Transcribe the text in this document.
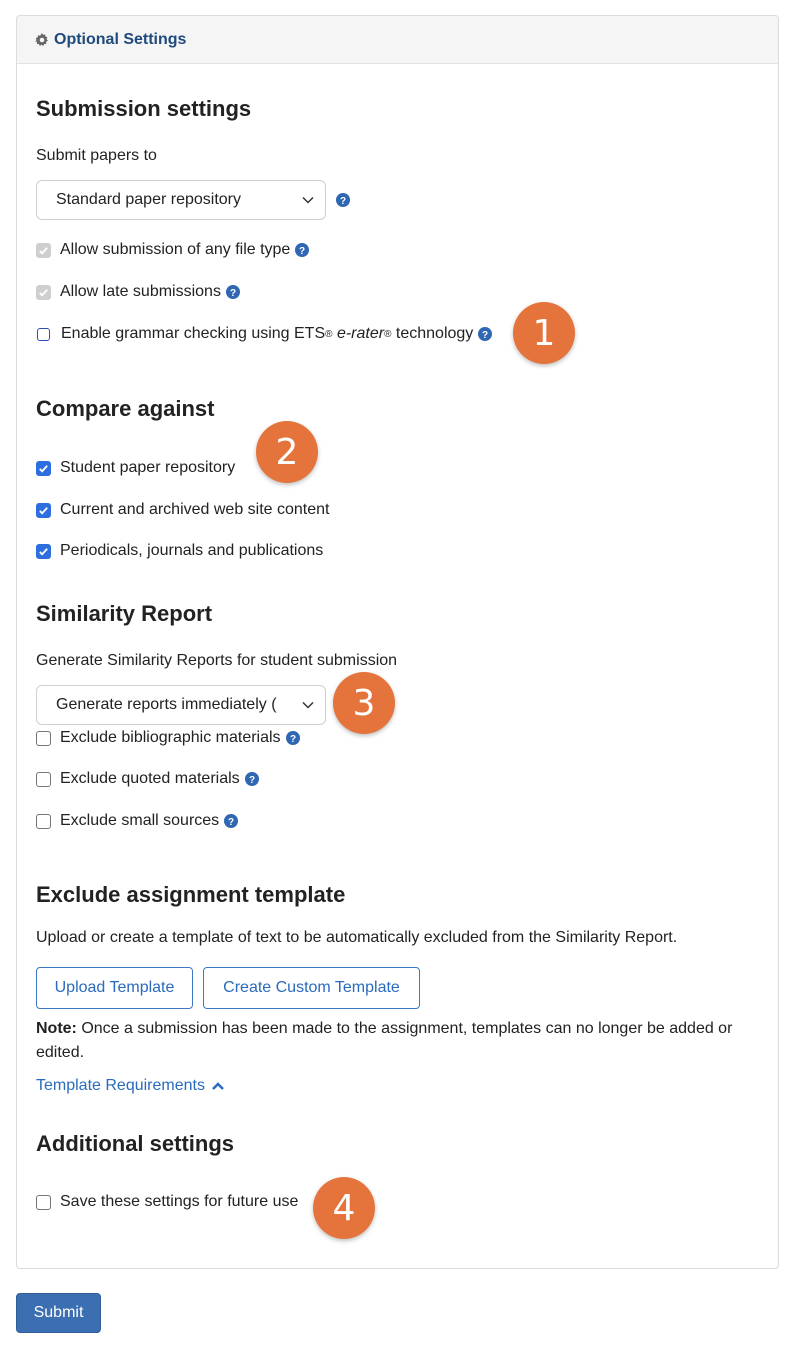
Optional Settings
Submission settings
Submit papers to
Standard paper repository	?
Allow submission of any file type ?
Allow late submissions ?
Enable grammar checking using ETS ®
e-rater ®
technology ?
Compare against
Student paper repository
Current and archived web site content
Periodicals, journals and publications
Similarity Report
Generate Similarity Reports for student submission
Generate reports immediately (
Exclude bibliographic materials ?
Exclude quoted materials ?
Exclude small sources ?
Exclude assignment template
Upload or create a template of text to be automatically excluded from the Similarity Report.
Upload Template	Create Custom Template
Note: Once a submission has been made to the assignment, templates can no longer be added or edited.
Template Requirements
Additional settings
Save these settings for future use
1
2
3
4
Submit
